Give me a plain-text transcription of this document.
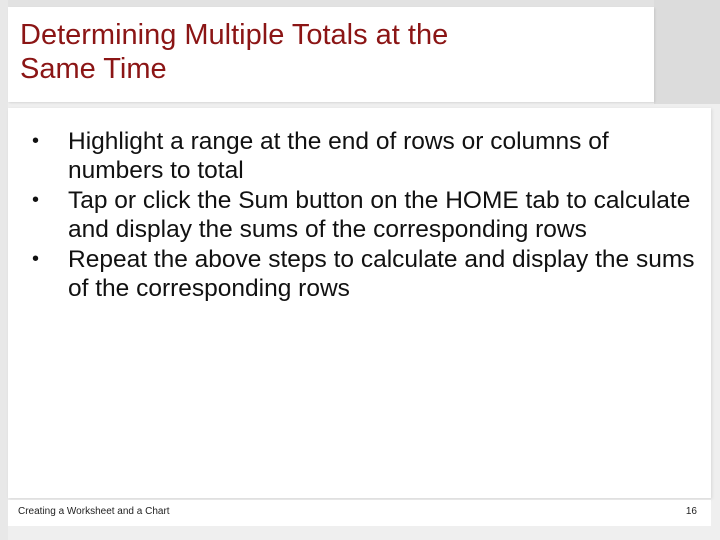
Determining Multiple Totals at the
Same Time
• Highlight a range at the end of rows or columns of numbers to total
• Tap or click the Sum button on the HOME tab to calculate and display the sums of the corresponding rows
• Repeat the above steps to calculate and display the sums of the corresponding rows
Creating a Worksheet and a Chart	16
